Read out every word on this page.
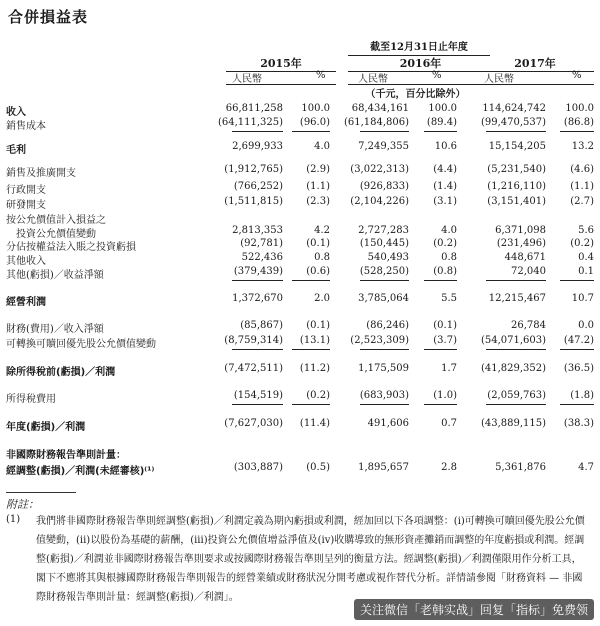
合併損益表
截至12月31日止年度
2015年	2016年	2017年
人民幣	%	人民幣	%	人民幣	%
（千元，百分比除外）
收入	66,811,258 100.0 68,434,161 100.0	114,624,742 100.0
銷售成本	(64,111,325) (96.0) (61,184,806) (89.4) (99,470,537) (86.8)
毛利	2,699,933	4.0	7,249,355	10.6	15,154,205	13.2
銷售及推廣開支	(1,912,765) (2.9) (3,022,313) (4.4)	(5,231,540) (4.6)
行政開支	(766,252) (1.1)	(926,833) (1.4)	(1,216,110) (1.1)
研發開支	(1,511,815) (2.3) (2,104,226) (3.1)	(3,151,401) (2.7)
按公允價值計入損益之
　投資公允價值變動	2,813,353	4.2	2,727,283	4.0	6,371,098	5.6
分佔按權益法入賬之投資虧損	(92,781) (0.1)	(150,445) (0.2)	(231,496) (0.2)
其他收入	522,436	0.8	540,493	0.8	448,671	0.4
其他(虧損)／收益淨額	(379,439) (0.6)	(528,250) (0.8)	72,040	0.1
經營利潤	1,372,670	2.0	3,785,064	5.5	12,215,467	10.7
財務(費用)／收入淨額	(85,867) (0.1)	(86,246) (0.1)	26,784	0.0
可轉換可贖回優先股公允價值變動	(8,759,314) (13.1) (2,523,309) (3.7) (54,071,603) (47.2)
除所得稅前(虧損)／利潤	(7,472,511) (11.2)	1,175,509	1.7 (41,829,352) (36.5)
所得稅費用	(154,519) (0.2)	(683,903) (1.0)	(2,059,763) (1.8)
年度(虧損)／利潤	(7,627,030) (11.4)	491,606	0.7 (43,889,115) (38.3)
非國際財務報告準則計量：
經調整(虧損)／利潤(未經審核)⁽¹⁾	(303,887) (0.5)	1,895,657	2.8	5,361,876	4.7
附註：
(1) 我們將非國際財務報告準則經調整(虧損)／利潤定義為期內虧損或利潤，經加回以下各項調整：(i)可轉換可贖回優先股公允價值變動，(ii)以股份為基礎的薪酬，(iii)投資公允價值增益淨值及(iv)收購導致的無形資產攤銷而調整的年度虧損或利潤。經調整(虧損)／利潤並非國際財務報告準則要求或按國際財務報告準則呈列的衡量方法。經調整(虧損)／利潤僅限用作分析工具，閣下不應將其與根據國際財務報告準則報告的經營業績或財務狀況分開考慮或視作替代分析。詳情請參閱「財務資料 — 非國際財務報告準則計量：經調整(虧損)／利潤」。
关注微信「老韩实战」回复「指标」免费领
